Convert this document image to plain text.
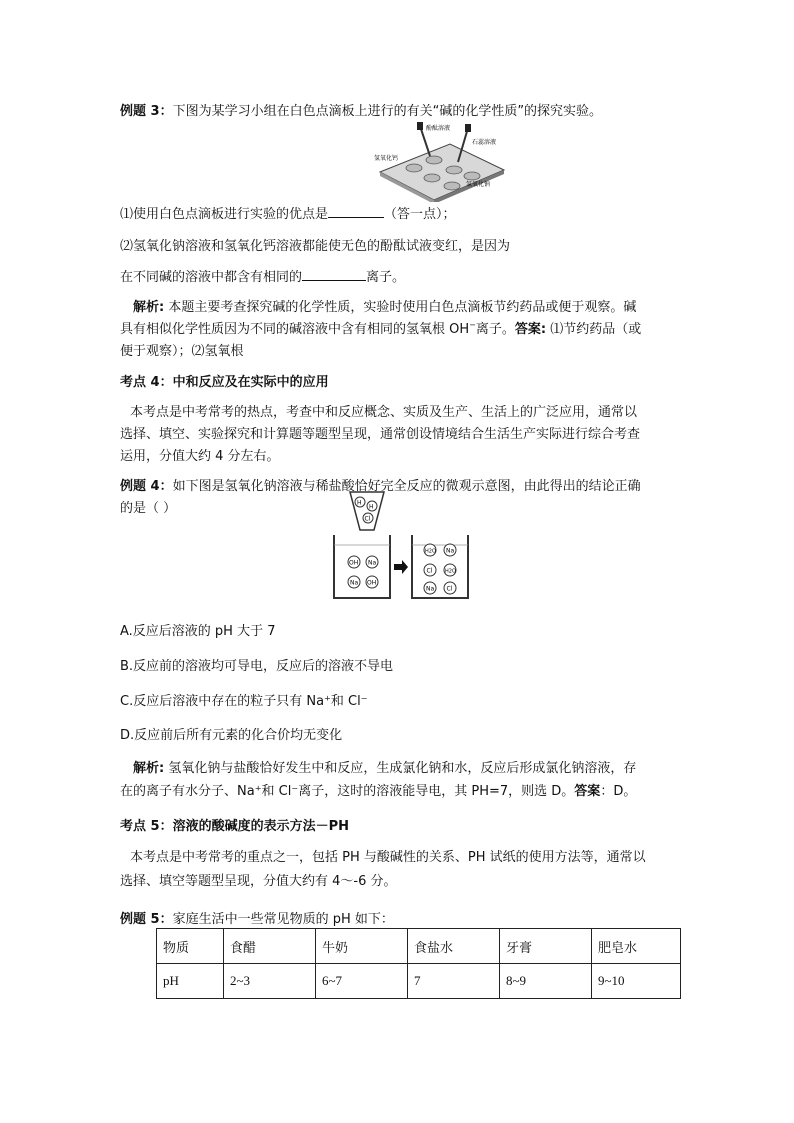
例题 3：下图为某学习小组在白色点滴板上进行的有关“碱的化学性质”的探究实验。
酚酞溶液
石蕊溶液
氢氧化钙
氢氧化钠
⑴使用白色点滴板进行实验的优点是	（答一点）；
⑵氢氧化钠溶液和氢氧化钙溶液都能使无色的酚酞试液变红，是因为
在不同碱的溶液中都含有相同的	离子。
解析: 本题主要考查探究碱的化学性质，实验时使用白色点滴板节约药品或便于观察。碱
具有相似化学性质因为不同的碱溶液中含有相同的氢氧根 OH−离子。答案: ⑴节约药品（或
便于观察）；⑵氢氧根
考点 4：中和反应及在实际中的应用
本考点是中考常考的热点，考查中和反应概念、实质及生产、生活上的广泛应用，通常以
选择、填空、实验探究和计算题等题型呈现，通常创设情境结合生活生产实际进行综合考查
运用，分值大约 4 分左右。
例题 4：如下图是氢氧化钠溶液与稀盐酸恰好完全反应的微观示意图，由此得出的结论正确
的是（ ）	H
H
Cl
OH Na
Na OH
H2O Na
Cl	H2O
Na Cl
A.反应后溶液的 pH 大于 7
B.反应前的溶液均可导电，反应后的溶液不导电
C.反应后溶液中存在的粒子只有 Na⁺和 Cl⁻
D.反应前后所有元素的化合价均无变化
解析: 氢氧化钠与盐酸恰好发生中和反应，生成氯化钠和水，反应后形成氯化钠溶液，存
在的离子有水分子、Na⁺和 Cl⁻离子，这时的溶液能导电，其 PH=7，则选 D。答案：D。
考点 5：溶液的酸碱度的表示方法－PH
本考点是中考常考的重点之一，包括 PH 与酸碱性的关系、PH 试纸的使用方法等，通常以
选择、填空等题型呈现，分值大约有 4～-6 分。
例题 5：家庭生活中一些常见物质的 pH 如下：
物质	食醋	牛奶	食盐水	牙膏	肥皂水
pH	2~3	6~7	7	8~9	9~10
